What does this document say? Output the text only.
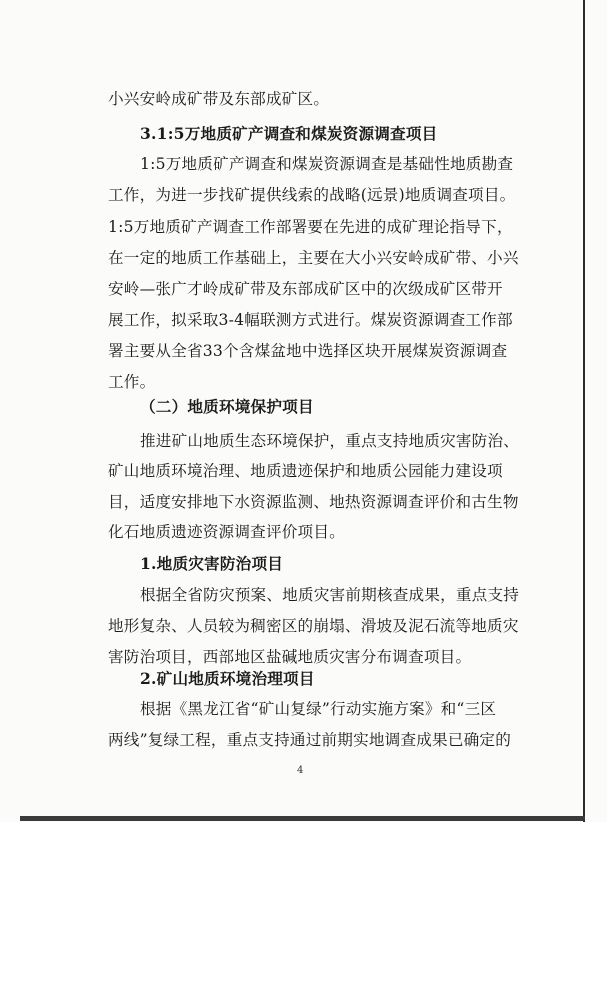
小兴安岭成矿带及东部成矿区。
3.1:5万地质矿产调查和煤炭资源调查项目
1:5万地质矿产调查和煤炭资源调查是基础性地质勘查
工作，为进一步找矿提供线索的战略(远景)地质调查项目。
1:5万地质矿产调查工作部署要在先进的成矿理论指导下，
在一定的地质工作基础上，主要在大小兴安岭成矿带、小兴
安岭—张广才岭成矿带及东部成矿区中的次级成矿区带开
展工作，拟采取3-4幅联测方式进行。煤炭资源调查工作部
署主要从全省33个含煤盆地中选择区块开展煤炭资源调查
工作。
（二）地质环境保护项目
推进矿山地质生态环境保护，重点支持地质灾害防治、
矿山地质环境治理、地质遗迹保护和地质公园能力建设项
目，适度安排地下水资源监测、地热资源调查评价和古生物
化石地质遗迹资源调查评价项目。
1.地质灾害防治项目
根据全省防灾预案、地质灾害前期核查成果，重点支持
地形复杂、人员较为稠密区的崩塌、滑坡及泥石流等地质灾
害防治项目，西部地区盐碱地质灾害分布调查项目。
2.矿山地质环境治理项目
根据《黑龙江省“矿山复绿”行动实施方案》和“三区
两线”复绿工程，重点支持通过前期实地调查成果已确定的
4
